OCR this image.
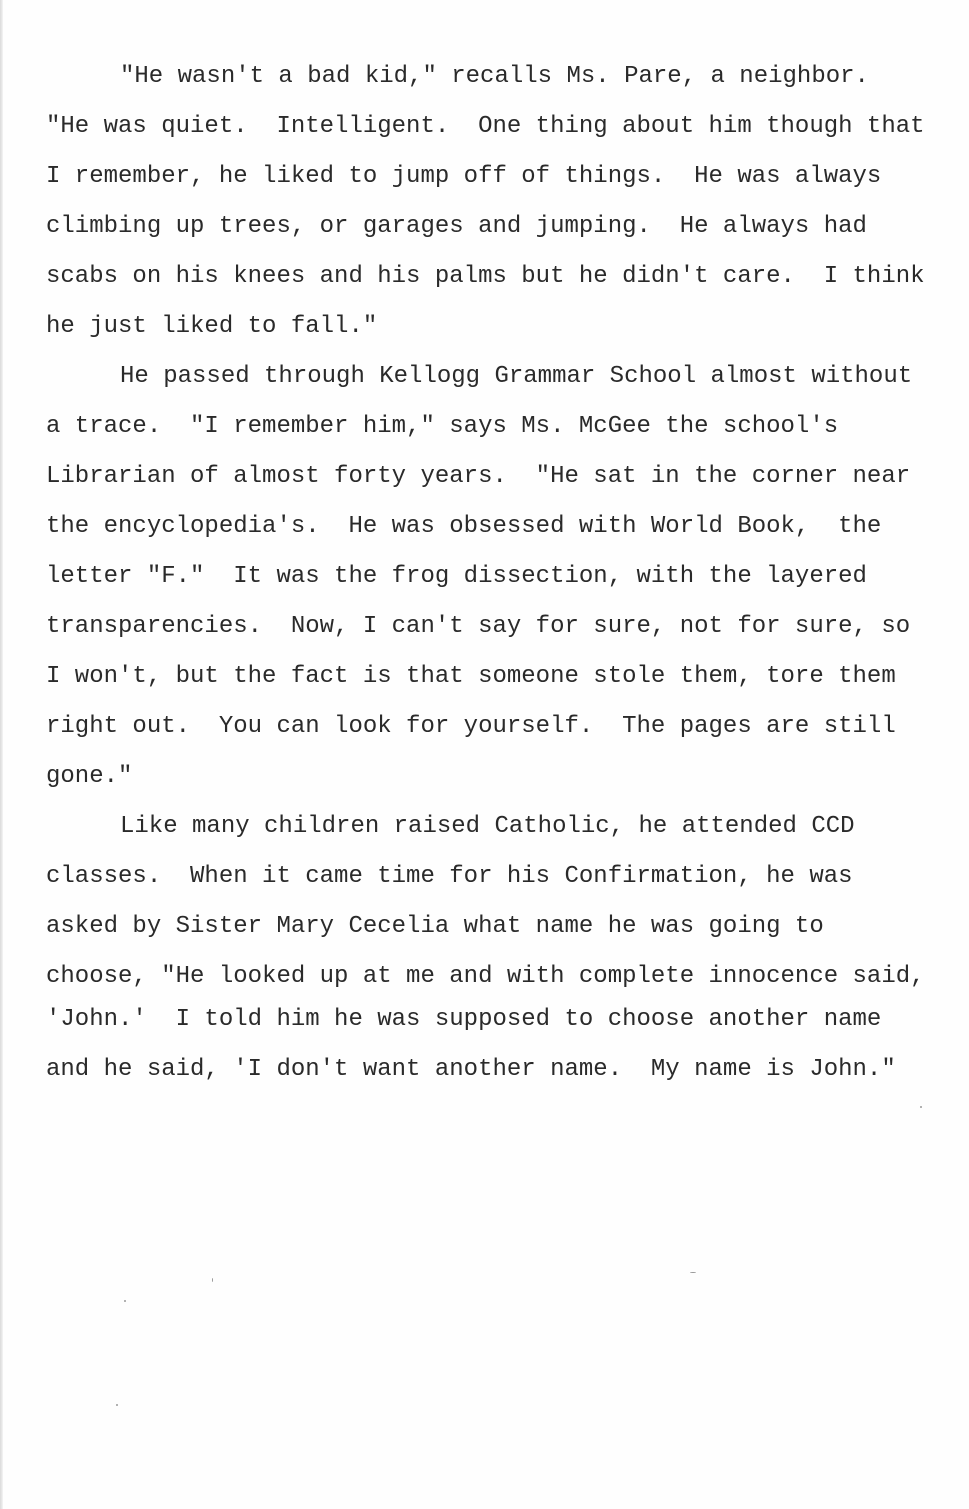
"He wasn't a bad kid," recalls Ms. Pare, a neighbor.
"He was quiet.  Intelligent.  One thing about him though that
I remember, he liked to jump off of things.  He was always
climbing up trees, or garages and jumping.  He always had
scabs on his knees and his palms but he didn't care.  I think
he just liked to fall."
He passed through Kellogg Grammar School almost without
a trace.  "I remember him," says Ms. McGee the school's
Librarian of almost forty years.  "He sat in the corner near
the encyclopedia's.  He was obsessed with World Book,  the
letter "F."  It was the frog dissection, with the layered
transparencies.  Now, I can't say for sure, not for sure, so
I won't, but the fact is that someone stole them, tore them
right out.  You can look for yourself.  The pages are still
gone."
Like many children raised Catholic, he attended CCD
classes.  When it came time for his Confirmation, he was
asked by Sister Mary Cecelia what name he was going to
choose, "He looked up at me and with complete innocence said,
'John.'  I told him he was supposed to choose another name
and he said, 'I don't want another name.  My name is John."
